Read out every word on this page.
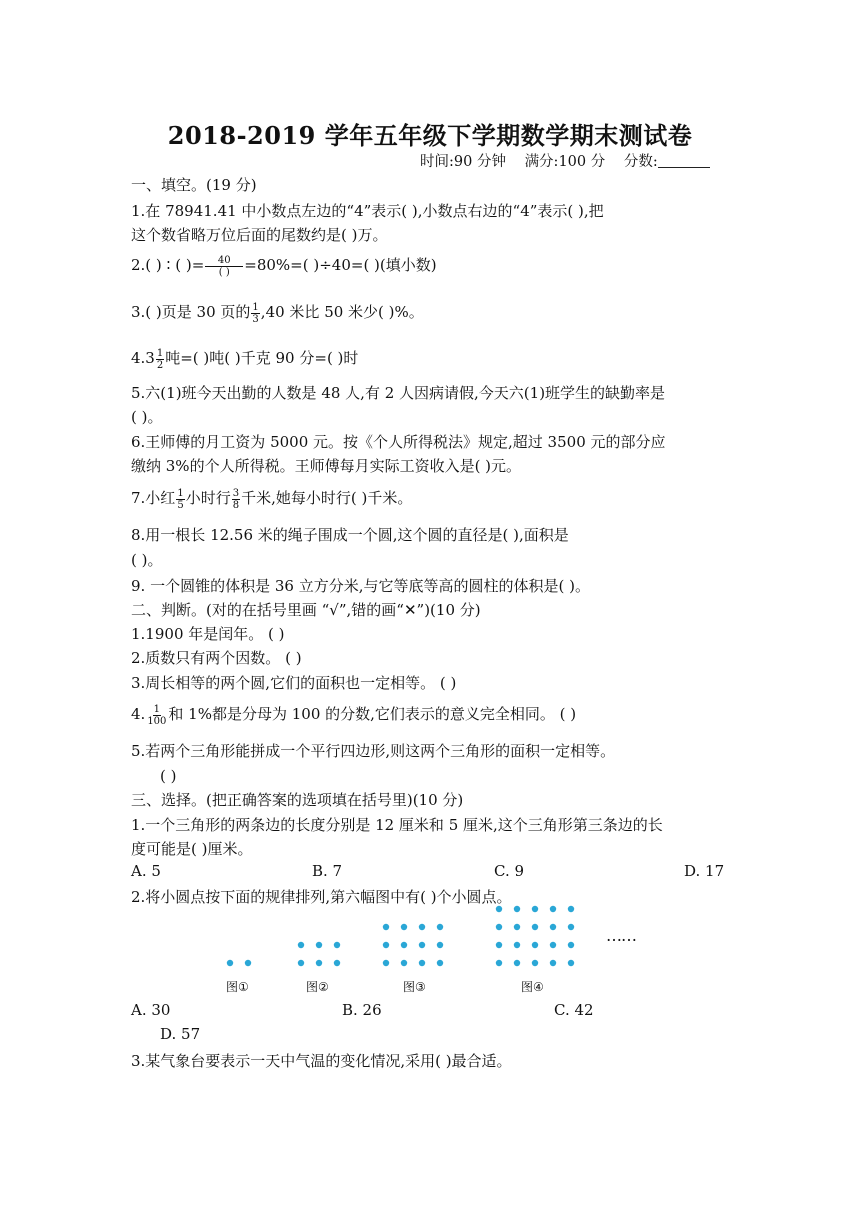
2018-2019 学年五年级下学期数学期末测试卷
时间:90 分钟 满分:100 分 分数:
一、填空。(19 分)
1.在 78941.41 中小数点左边的“4”表示( ),小数点右边的“4”表示( ),把
这个数省略万位后面的尾数约是( )万。
2.( ) ∶ ( )= $\frac{40}{( )} =80\%=$( )÷40=( )(填小数)
3.( )页是 30 页的 $\frac{1}{3} ,40$ 米比 50 米少( )%。
$4.3 \frac{1}{2}$ 吨=( )吨( )千克 90 分=( )时
5.六(1)班今天出勤的人数是 48 人,有 2 人因病请假,今天六(1)班学生的缺勤率是
( )。
6.王师傅的月工资为 5000 元。按《个人所得税法》规定,超过 3500 元的部分应
缴纳 3%的个人所得税。王师傅每月实际工资收入是( )元。
7.小红 $\frac{1}{5}$ 小时行 $\frac{3}{8}$ 千米,她每小时行( )千米。
8.用一根长 12.56 米的绳子围成一个圆,这个圆的直径是( ),面积是
( )。
9. 一个圆锥的体积是 36 立方分米,与它等底等高的圆柱的体积是( )。
二、判断。(对的在括号里画 “√”,错的画“✕”)(10 分)
1.1900 年是闰年。 ( )
2.质数只有两个因数。 ( )
3.周长相等的两个圆,它们的面积也一定相等。 ( )
4. $\frac{1}{100}$ 和 1%都是分母为 100 的分数,它们表示的意义完全相同。 ( )
5.若两个三角形能拼成一个平行四边形,则这两个三角形的面积一定相等。
( )
三、选择。(把正确答案的选项填在括号里)(10 分)
1.一个三角形的两条边的长度分别是 12 厘米和 5 厘米,这个三角形第三条边的长
度可能是( )厘米。
A. 5	B. 7	C. 9	D. 17
2.将小圆点按下面的规律排列,第六幅图中有( )个小圆点。
图①	图②	图③	图④
……
A. 30	B. 26	C. 42
D. 57
3.某气象台要表示一天中气温的变化情况,采用( )最合适。
